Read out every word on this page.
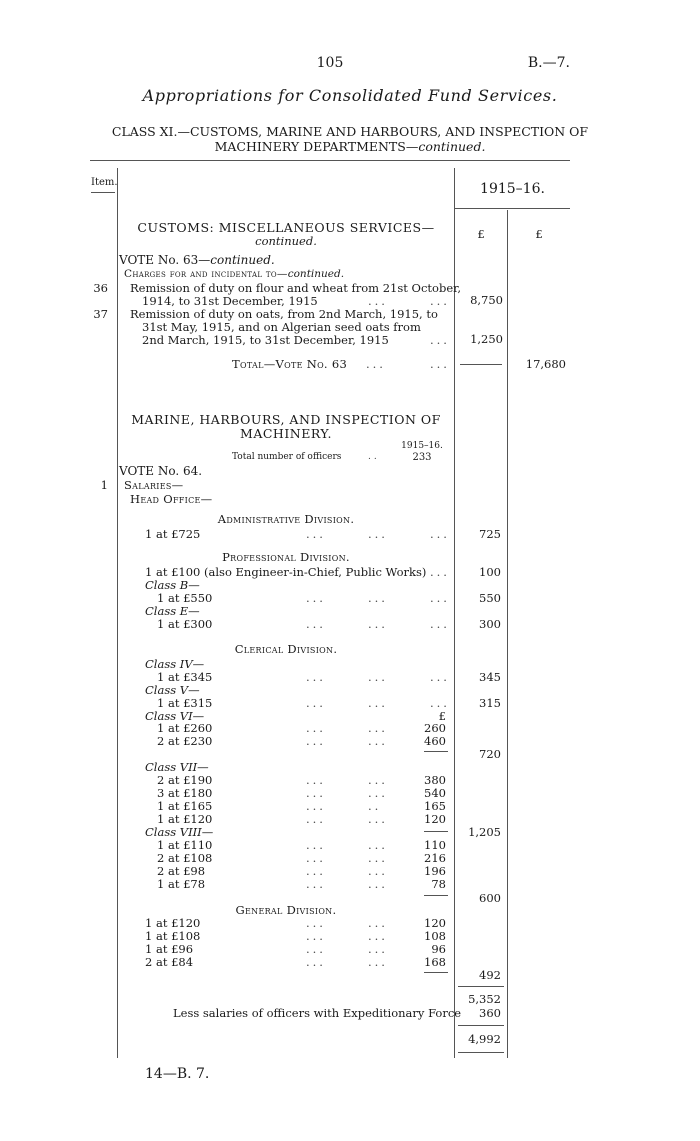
105	B.—7.
Appropriations for Consolidated Fund Services.
CLASS XI.—CUSTOMS, MARINE AND HARBOURS, AND INSPECTION OF
MACHINERY DEPARTMENTS—continued.
Item.	1915–16.
£	£
CUSTOMS: MISCELLANEOUS SERVICES—
continued.
VOTE No. 63—continued.
Charges for and incidental to—continued.
36 Remission of duty on flour and wheat from 21st October,
1914, to 31st December, 1915	...	...	8,750
37 Remission of duty on oats, from 2nd March, 1915, to
31st May, 1915, and on Algerian seed oats from
2nd March, 1915, to 31st December, 1915	...	1,250
Total—Vote No. 63 ...	...	17,680
MARINE, HARBOURS, AND INSPECTION OF
MACHINERY.
1915–16.
Total number of officers	..	233
VOTE No. 64.
1 Salaries—
Head Office—
Administrative Division.
1 at £725	...	...	...	725
Professional Division.
1 at £100 (also Engineer-in-Chief, Public Works) ...	100
Class B—
1 at £550	...	...	...	550
Class E—
1 at £300	...	...	...	300
Clerical Division.
Class IV—
1 at £345	...	...	...	345
Class V—
1 at £315	...	...	...	315
Class VI—	£
1 at £260	...	...	260
2 at £230	...	...	460
720
Class VII—
2 at £190	...	...	380
3 at £180	...	...	540
1 at £165	...	..	165
1 at £120	...	...	120
Class VIII—	1,205
1 at £110	...	...	110
2 at £108	...	...	216
2 at £98	...	...	196
1 at £78	...	...	78
600
General Division.
1 at £120	...	...	120
1 at £108	...	...	108
1 at £96	...	...	96
2 at £84	...	...	168
492
5,352
Less salaries of officers with Expeditionary Force	360
4,992
14—B. 7.
